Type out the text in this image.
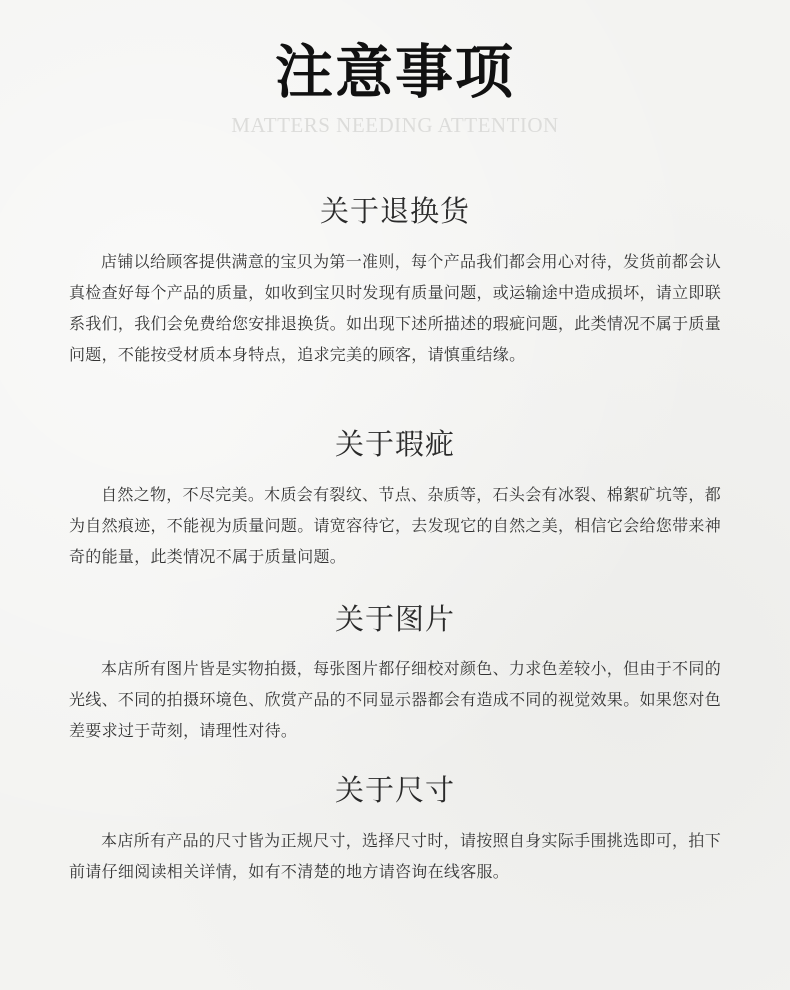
注意事项
MATTERS NEEDING ATTENTION
关于退换货
店铺以给顾客提供满意的宝贝为第一准则，每个产品我们都会用心对待，发货前都会认真检查好每个产品的质量，如收到宝贝时发现有质量问题，或运输途中造成损坏，请立即联系我们，我们会免费给您安排退换货。如出现下述所描述的瑕疵问题，此类情况不属于质量问题，不能按受材质本身特点，追求完美的顾客，请慎重结缘。
关于瑕疵
自然之物，不尽完美。木质会有裂纹、节点、杂质等，石头会有冰裂、棉絮矿坑等，都为自然痕迹，不能视为质量问题。请宽容待它，去发现它的自然之美，相信它会给您带来神奇的能量，此类情况不属于质量问题。
关于图片
本店所有图片皆是实物拍摄，每张图片都仔细校对颜色、力求色差较小，但由于不同的光线、不同的拍摄环境色、欣赏产品的不同显示器都会有造成不同的视觉效果。如果您对色差要求过于苛刻，请理性对待。
关于尺寸
本店所有产品的尺寸皆为正规尺寸，选择尺寸时，请按照自身实际手围挑选即可，拍下前请仔细阅读相关详情，如有不清楚的地方请咨询在线客服。
